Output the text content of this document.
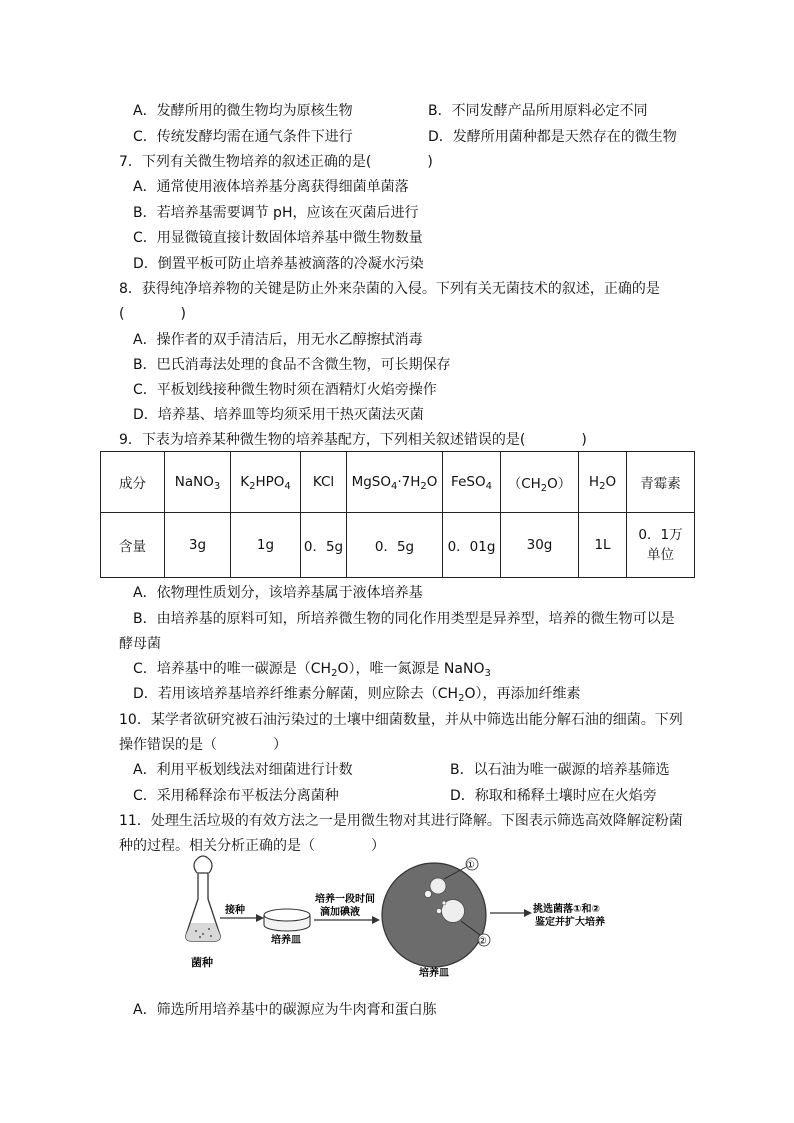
A．发酵所用的微生物均为原核生物	B．不同发酵产品所用原料必定不同
C．传统发酵均需在通气条件下进行	D．发酵所用菌种都是天然存在的微生物
7．下列有关微生物培养的叙述正确的是(　　　　)
A．通常使用液体培养基分离获得细菌单菌落
B．若培养基需要调节 pH，应该在灭菌后进行
C．用显微镜直接计数固体培养基中微生物数量
D．倒置平板可防止培养基被滴落的冷凝水污染
8．获得纯净培养物的关键是防止外来杂菌的入侵。下列有关无菌技术的叙述，正确的是
(　　　　)
A．操作者的双手清洁后，用无水乙醇擦拭消毒
B．巴氏消毒法处理的食品不含微生物，可长期保存
C．平板划线接种微生物时须在酒精灯火焰旁操作
D．培养基、培养皿等均须采用干热灭菌法灭菌
9．下表为培养某种微生物的培养基配方，下列相关叙述错误的是(　　　　)
成分	NaNO$_3$	$K_2HPO_4$	KCl	$MgSO_4\cdot 7H_2O$	FeSO$_4$	$(CH_2O)$	$H_2O$	青霉素
含量	3g	1g	0．5g	0．5g	0．01g	30g	1L	0．1万
单位
A．依物理性质划分，该培养基属于液体培养基
B．由培养基的原料可知，所培养微生物的同化作用类型是异养型，培养的微生物可以是
酵母菌
C．培养基中的唯一碳源是$(CH_2O)$，唯一氮源是 NaNO$_3$
D．若用该培养基培养纤维素分解菌，则应除去$(CH_2O)$，再添加纤维素
10．某学者欲研究被石油污染过的土壤中细菌数量，并从中筛选出能分解石油的细菌。下列
操作错误的是（　　　　）
A．利用平板划线法对细菌进行计数	B．以石油为唯一碳源的培养基筛选
C．采用稀释涂布平板法分离菌种	D．称取和稀释土壤时应在火焰旁
11．处理生活垃圾的有效方法之一是用微生物对其进行降解。下图表示筛选高效降解淀粉菌
种的过程。相关分析正确的是（　　　　）
菌种
接种
培养皿
培养一段时间
滴加碘液
①
②
培养皿
挑选菌落①和②
鉴定并扩大培养
A．筛选所用培养基中的碳源应为牛肉膏和蛋白胨
